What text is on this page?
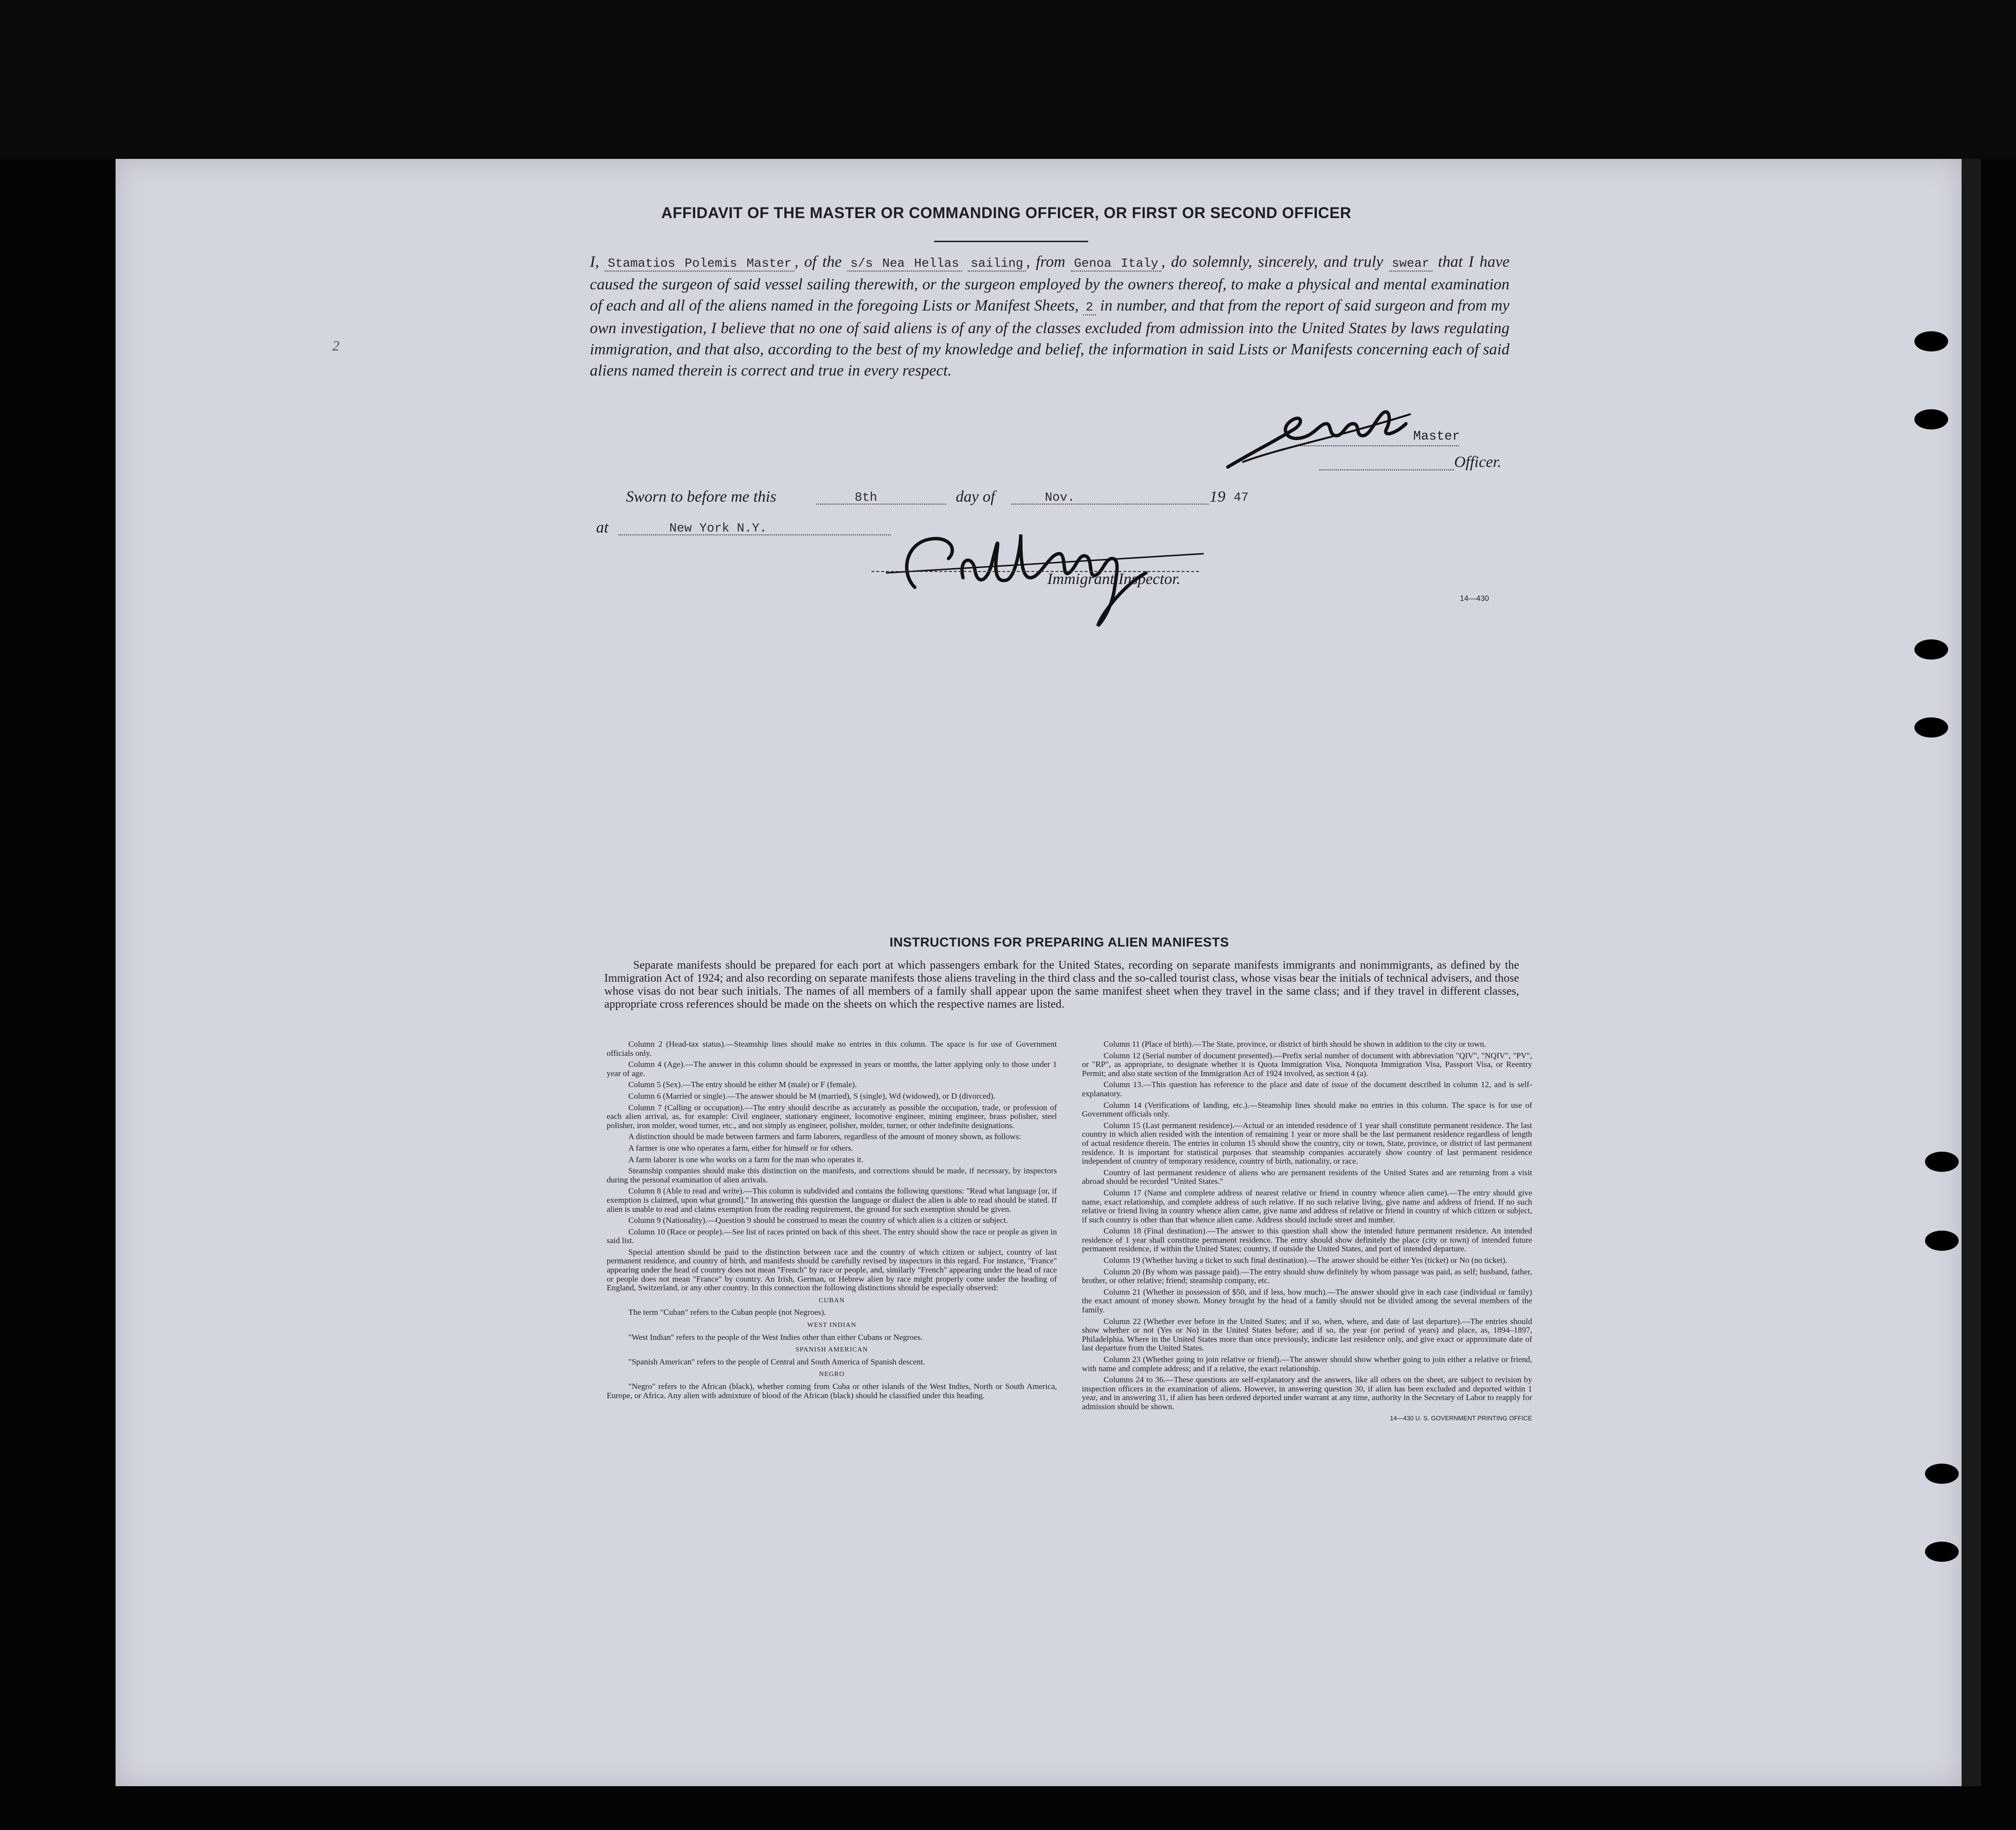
AFFIDAVIT OF THE MASTER OR COMMANDING OFFICER, OR FIRST OR SECOND OFFICER
2

I, Stamatios Polemis Master , of the s/s Nea Hellas sailing , from Genoa Italy , do solemnly, sincerely, and truly swear that I have caused the surgeon of said vessel sailing therewith, or the surgeon employed by the owners thereof, to make a physical and mental examination of each and all of the aliens named in the foregoing Lists or Manifest Sheets, 2 in number, and that from the report of said surgeon and from my own investigation, I believe that no one of said aliens is of any of the classes excluded from admission into the United States by laws regulating immigration, and that also, according to the best of my knowledge and belief, the information in said Lists or Manifests concerning each of said aliens named therein is correct and true in every respect.

Master
Officer.
Sworn to before me this	8th	day of	Nov.	19 47
at	New York N.Y.
Immigrant Inspector.
14—430
INSTRUCTIONS FOR PREPARING ALIEN MANIFESTS

Separate manifests should be prepared for each port at which passengers embark for the United States, recording on separate manifests immigrants and nonimmigrants, as defined by the Immigration Act of 1924; and also recording on separate manifests those aliens traveling in the third class and the so-called tourist class, whose visas bear the initials of technical advisers, and those whose visas do not bear such initials. The names of all members of a family shall appear upon the same manifest sheet when they travel in the same class; and if they travel in different classes, appropriate cross references should be made on the sheets on which the respective names are listed.

Column 2 (Head-tax status).—Steamship lines should make no entries in this column. The space is for use of Government officials only.

Column 4 (Age).—The answer in this column should be expressed in years or months, the latter applying only to those under 1 year of age.

Column 5 (Sex).—The entry should be either M (male) or F (female).

Column 6 (Married or single).—The answer should be M (married), S (single), Wd (widowed), or D (divorced).

Column 7 (Calling or occupation).—The entry should describe as accurately as possible the occupation, trade, or profession of each alien arrival, as, for example: Civil engineer, stationary engineer, locomotive engineer, mining engineer, brass polisher, steel polisher, iron molder, wood turner, etc., and not simply as engineer, polisher, molder, turner, or other indefinite designations.

A distinction should be made between farmers and farm laborers, regardless of the amount of money shown, as follows:

A farmer is one who operates a farm, either for himself or for others.

A farm laborer is one who works on a farm for the man who operates it.

Steamship companies should make this distinction on the manifests, and corrections should be made, if necessary, by inspectors during the personal examination of alien arrivals.

Column 8 (Able to read and write).—This column is subdivided and contains the following questions: "Read what language [or, if exemption is claimed, upon what ground]." In answering this question the language or dialect the alien is able to read should be stated. If alien is unable to read and claims exemption from the reading requirement, the ground for such exemption should be given.

Column 9 (Nationality).—Question 9 should be construed to mean the country of which alien is a citizen or subject.

Column 10 (Race or people).—See list of races printed on back of this sheet. The entry should show the race or people as given in said list.

Special attention should be paid to the distinction between race and the country of which citizen or subject, country of last permanent residence, and country of birth, and manifests should be carefully revised by inspectors in this regard. For instance, "France" appearing under the head of country does not mean "French" by race or people, and, similarly "French" appearing under the head of race or people does not mean "France" by country. An Irish, German, or Hebrew alien by race might properly come under the heading of England, Switzerland, or any other country. In this connection the following distinctions should be especially observed:

CUBAN

The term "Cuban" refers to the Cuban people (not Negroes).

WEST INDIAN

"West Indian" refers to the people of the West Indies other than either Cubans or Negroes.

SPANISH AMERICAN

"Spanish American" refers to the people of Central and South America of Spanish descent.

NEGRO

"Negro" refers to the African (black), whether coming from Cuba or other islands of the West Indies, North or South America, Europe, or Africa. Any alien with admixture of blood of the African (black) should be classified under this heading.

Column 11 (Place of birth).—The State, province, or district of birth should be shown in addition to the city or town.

Column 12 (Serial number of document presented).—Prefix serial number of document with abbreviation "QIV", "NQIV", "PV", or "RP", as appropriate, to designate whether it is Quota Immigration Visa, Nonquota Immigration Visa, Passport Visa, or Reentry Permit; and also state section of the Immigration Act of 1924 involved, as section 4 (a).

Column 13.—This question has reference to the place and date of issue of the document described in column 12, and is self-explanatory.

Column 14 (Verifications of landing, etc.).—Steamship lines should make no entries in this column. The space is for use of Government officials only.

Column 15 (Last permanent residence).—Actual or an intended residence of 1 year shall constitute permanent residence. The last country in which alien resided with the intention of remaining 1 year or more shall be the last permanent residence regardless of length of actual residence therein. The entries in column 15 should show the country, city or town, State, province, or district of last permanent residence. It is important for statistical purposes that steamship companies accurately show country of last permanent residence independent of country of temporary residence, country of birth, nationality, or race.

Country of last permanent residence of aliens who are permanent residents of the United States and are returning from a visit abroad should be recorded "United States."

Column 17 (Name and complete address of nearest relative or friend in country whence alien came).—The entry should give name, exact relationship, and complete address of such relative. If no such relative living, give name and address of friend. If no such relative or friend living in country whence alien came, give name and address of relative or friend in country of which citizen or subject, if such country is other than that whence alien came. Address should include street and number.

Column 18 (Final destination).—The answer to this question shall show the intended future permanent residence. An intended residence of 1 year shall constitute permanent residence. The entry should show definitely the place (city or town) of intended future permanent residence, if within the United States; country, if outside the United States, and port of intended departure.

Column 19 (Whether having a ticket to such final destination).—The answer should be either Yes (ticket) or No (no ticket).

Column 20 (By whom was passage paid).—The entry should show definitely by whom passage was paid, as self; husband, father, brother, or other relative; friend; steamship company, etc.

Column 21 (Whether in possession of $50, and if less, how much).—The answer should give in each case (individual or family) the exact amount of money shown. Money brought by the head of a family should not be divided among the several members of the family.

Column 22 (Whether ever before in the United States; and if so, when, where, and date of last departure).—The entries should show whether or not (Yes or No) in the United States before; and if so, the year (or period of years) and place, as, 1894–1897, Philadelphia. Where in the United States more than once previously, indicate last residence only, and give exact or approximate date of last departure from the United States.

Column 23 (Whether going to join relative or friend).—The answer should show whether going to join either a relative or friend, with name and complete address; and if a relative, the exact relationship.

Columns 24 to 36.—These questions are self-explanatory and the answers, like all others on the sheet, are subject to revision by inspection officers in the examination of aliens. However, in answering question 30, if alien has been excluded and deported within 1 year, and in answering 31, if alien has been ordered deported under warrant at any time, authority in the Secretary of Labor to reapply for admission should be shown.

14—430 U. S. GOVERNMENT PRINTING OFFICE
